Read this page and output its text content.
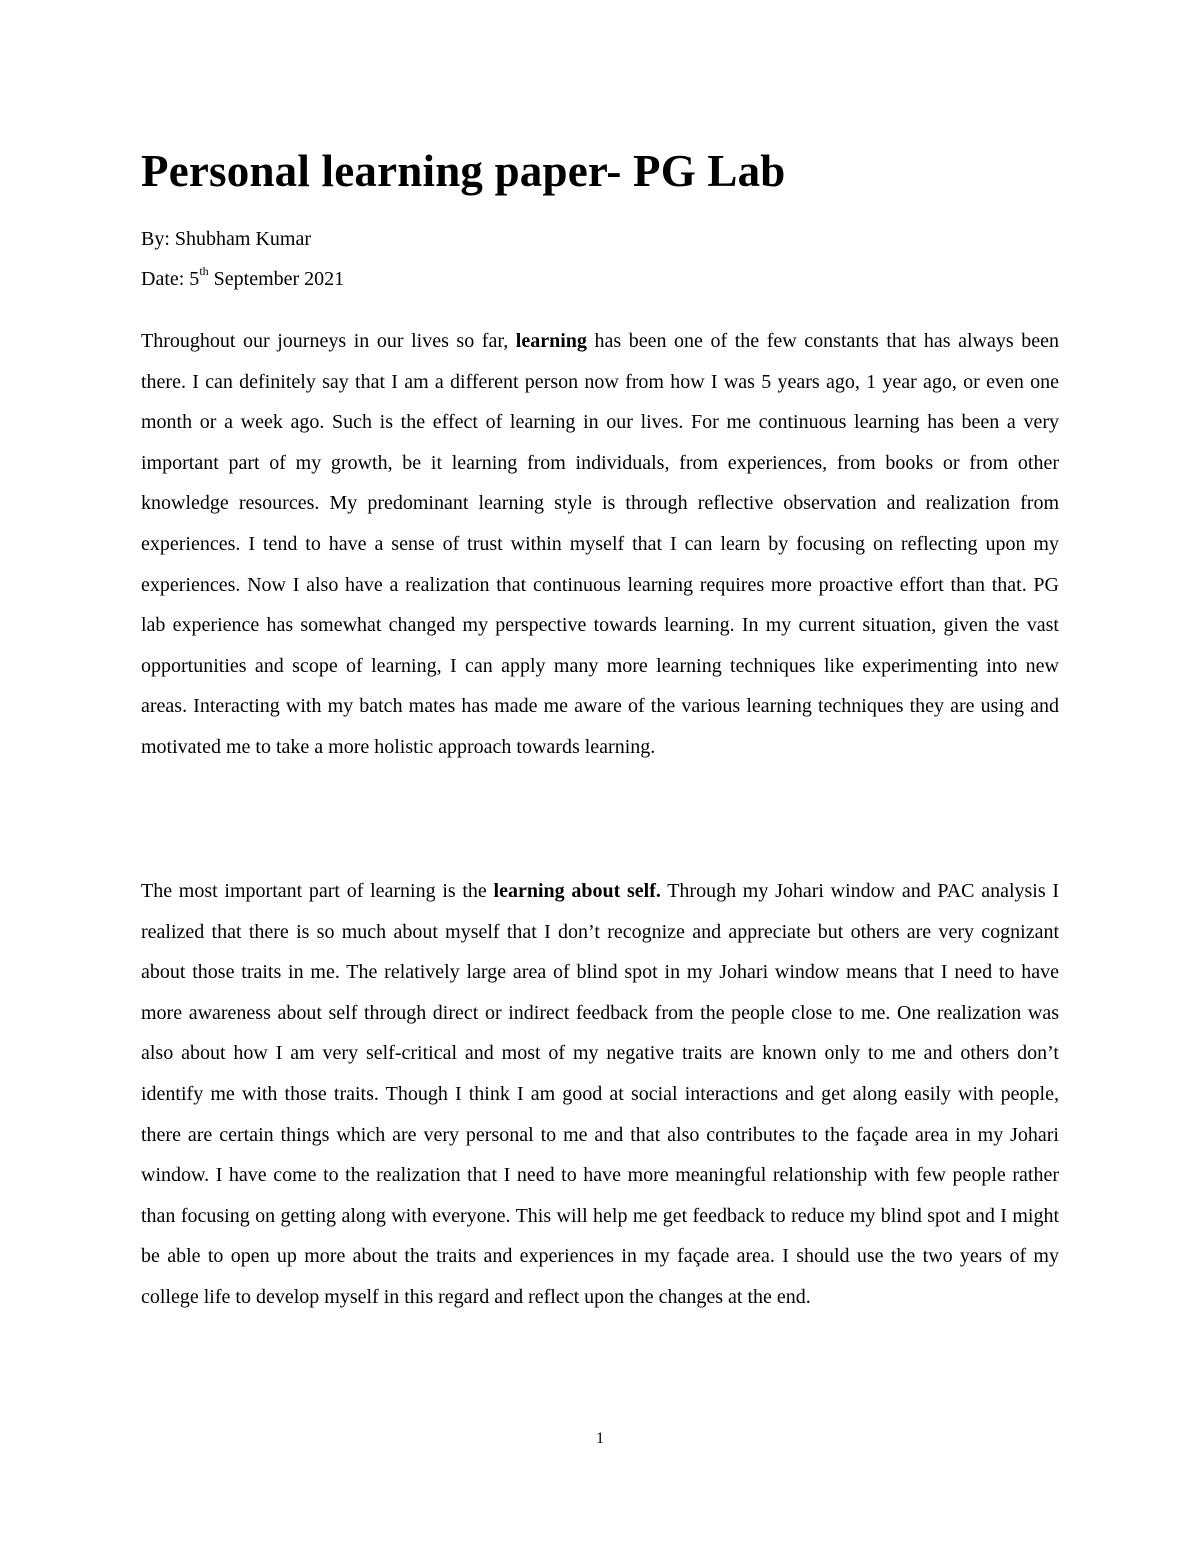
Personal learning paper- PG Lab

By: Shubham Kumar

Date: 5th September 2021

Throughout our journeys in our lives so far, learning has been one of the few constants that has always been there. I can definitely say that I am a different person now from how I was 5 years ago, 1 year ago, or even one month or a week ago. Such is the effect of learning in our lives. For me continuous learning has been a very important part of my growth, be it learning from individuals, from experiences, from books or from other knowledge resources. My predominant learning style is through reflective observation and realization from experiences. I tend to have a sense of trust within myself that I can learn by focusing on reflecting upon my experiences. Now I also have a realization that continuous learning requires more proactive effort than that. PG lab experience has somewhat changed my perspective towards learning. In my current situation, given the vast opportunities and scope of learning, I can apply many more learning techniques like experimenting into new areas. Interacting with my batch mates has made me aware of the various learning techniques they are using and motivated me to take a more holistic approach towards learning.

The most important part of learning is the learning about self. Through my Johari window and PAC analysis I realized that there is so much about myself that I don’t recognize and appreciate but others are very cognizant about those traits in me. The relatively large area of blind spot in my Johari window means that I need to have more awareness about self through direct or indirect feedback from the people close to me. One realization was also about how I am very self-critical and most of my negative traits are known only to me and others don’t identify me with those traits. Though I think I am good at social interactions and get along easily with people, there are certain things which are very personal to me and that also contributes to the façade area in my Johari window. I have come to the realization that I need to have more meaningful relationship with few people rather than focusing on getting along with everyone. This will help me get feedback to reduce my blind spot and I might be able to open up more about the traits and experiences in my façade area. I should use the two years of my college life to develop myself in this regard and reflect upon the changes at the end.

1
